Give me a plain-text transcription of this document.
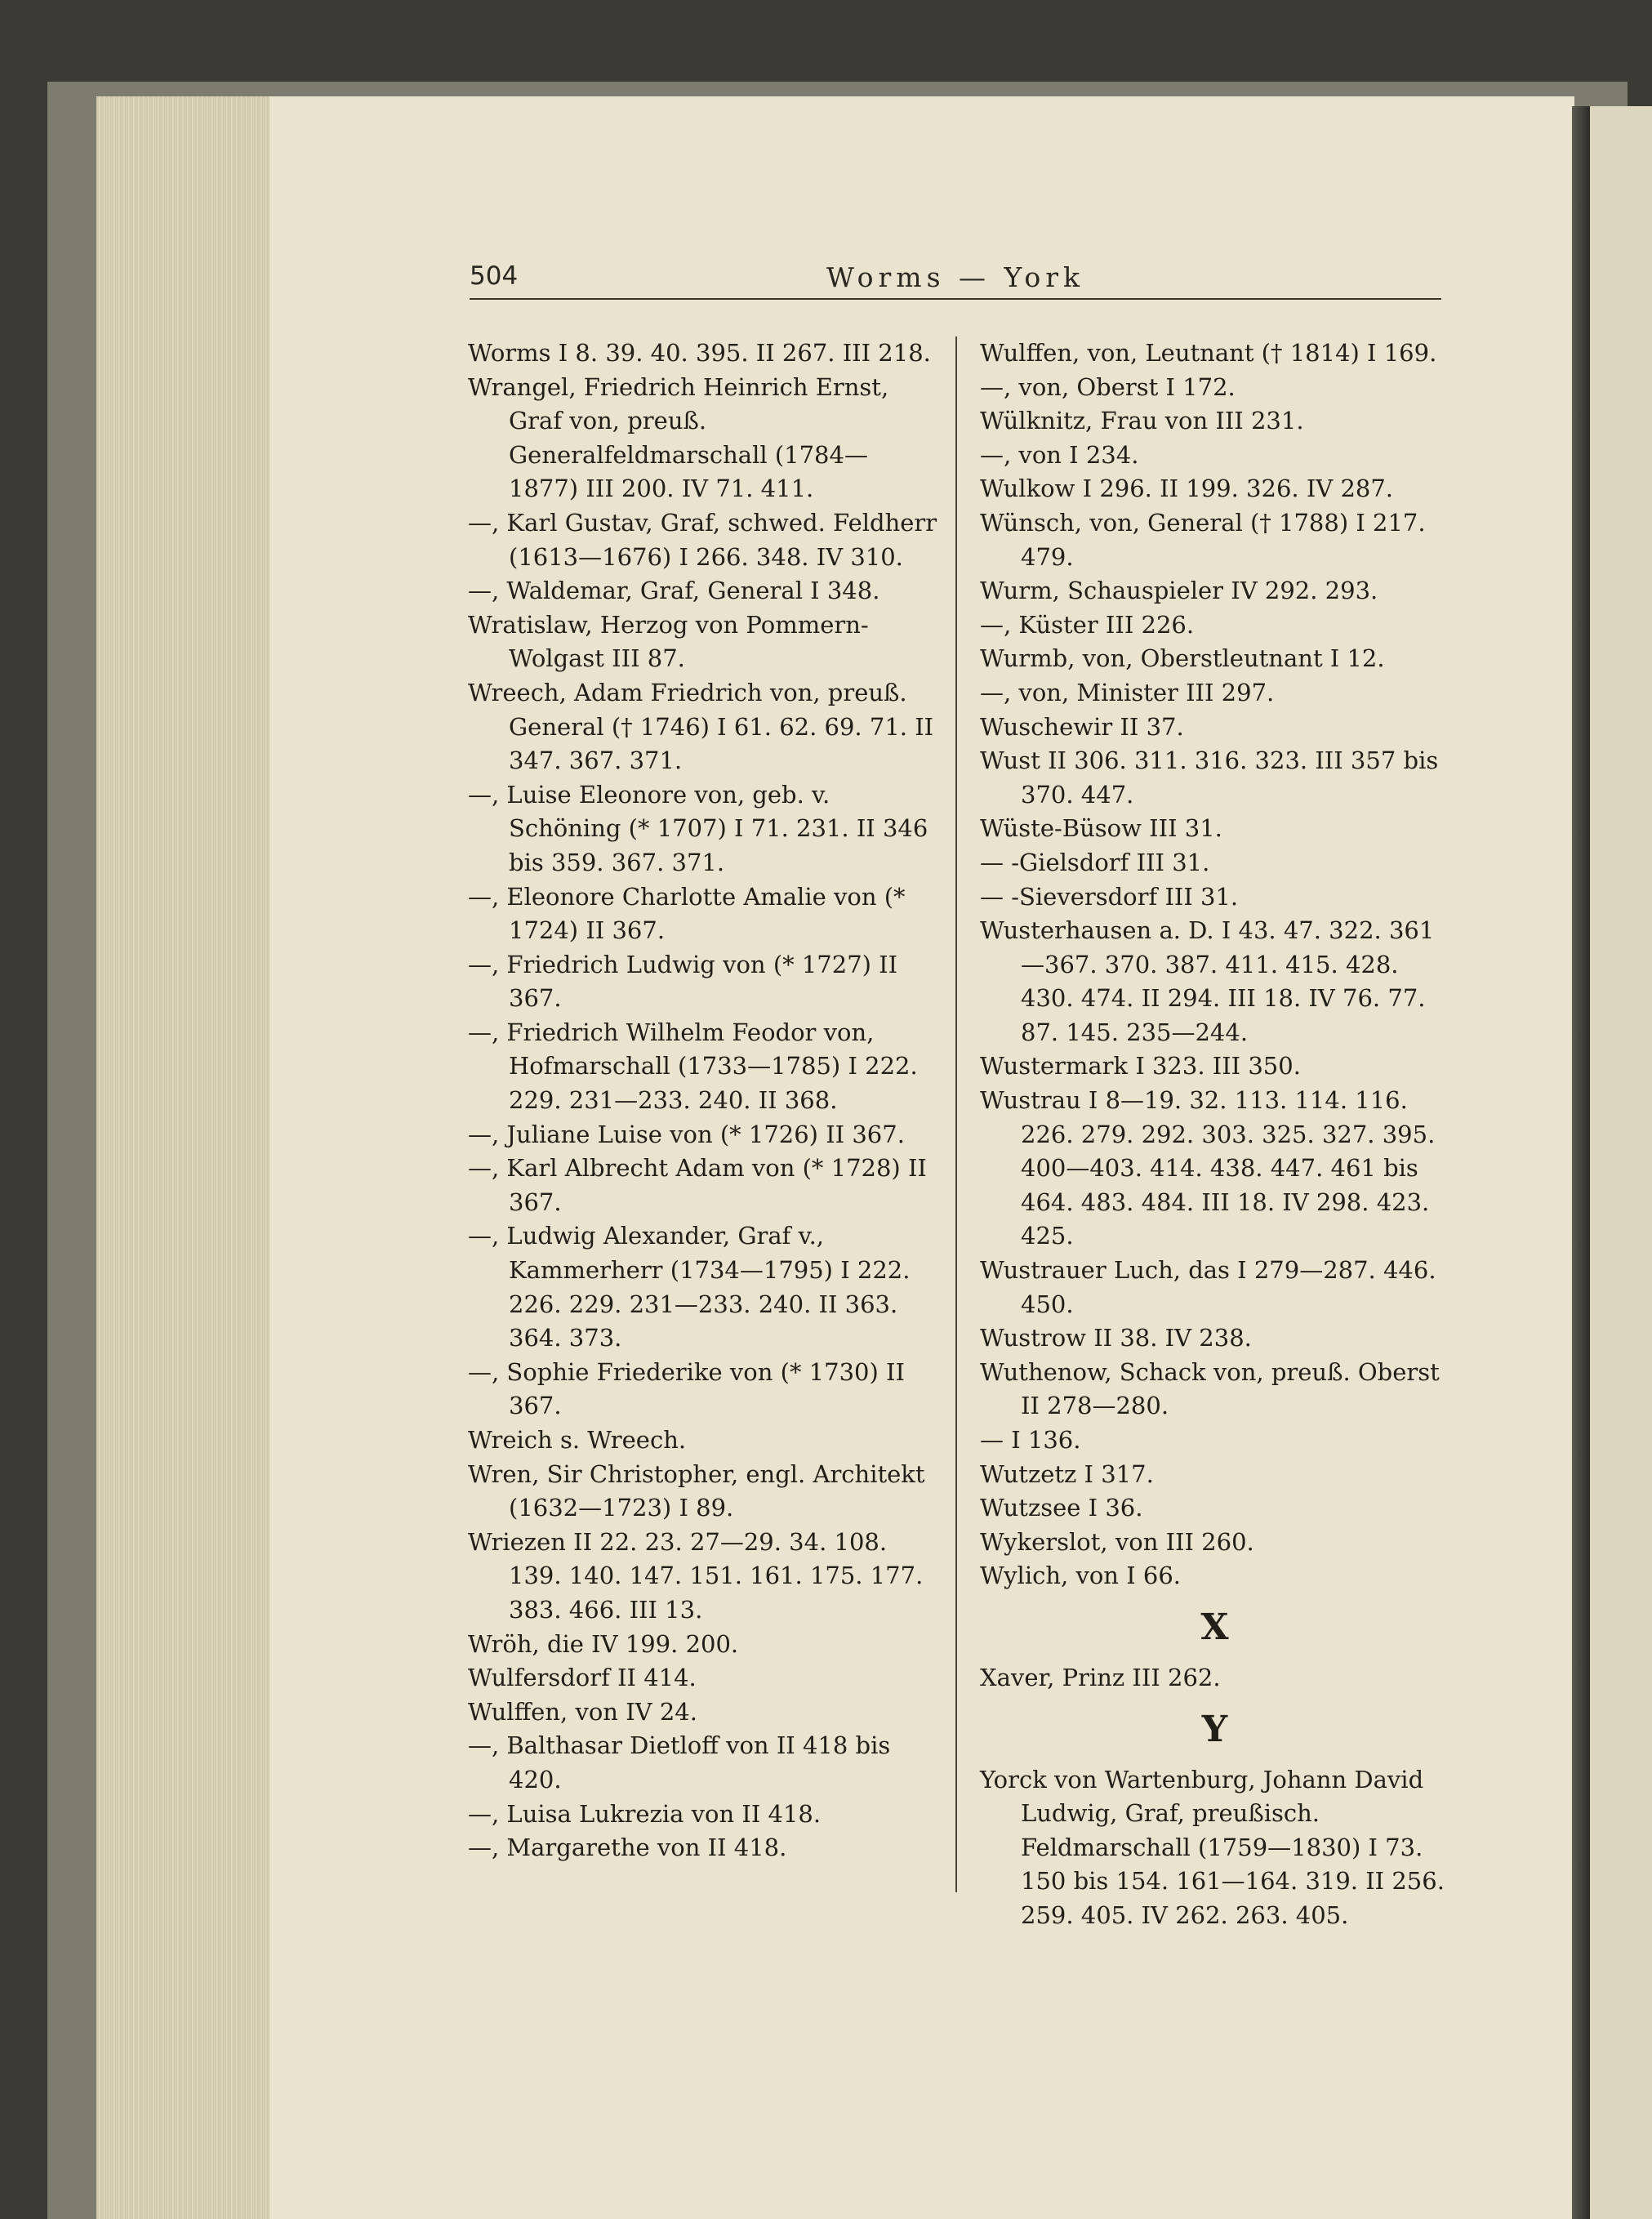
504	Worms — York
Worms I 8. 39. 40. 395. II 267. III 218.
Wrangel, Friedrich Heinrich Ernst, Graf von, preuß. Generalfeldmarschall (1784—1877) III 200. IV 71. 411.
—, Karl Gustav, Graf, schwed. Feldherr (1613—1676) I 266. 348. IV 310.
—, Waldemar, Graf, General I 348.
Wratislaw, Herzog von Pommern-Wolgast III 87.
Wreech, Adam Friedrich von, preuß. General († 1746) I 61. 62. 69. 71. II 347. 367. 371.
—, Luise Eleonore von, geb. v. Schöning (* 1707) I 71. 231. II 346 bis 359. 367. 371.
—, Eleonore Charlotte Amalie von (* 1724) II 367.
—, Friedrich Ludwig von (* 1727) II 367.
—, Friedrich Wilhelm Feodor von, Hofmarschall (1733—1785) I 222. 229. 231—233. 240. II 368.
—, Juliane Luise von (* 1726) II 367.
—, Karl Albrecht Adam von (* 1728) II 367.
—, Ludwig Alexander, Graf v., Kammerherr (1734—1795) I 222. 226. 229. 231—233. 240. II 363. 364. 373.
—, Sophie Friederike von (* 1730) II 367.
Wreich s. Wreech.
Wren, Sir Christopher, engl. Architekt (1632—1723) I 89.
Wriezen II 22. 23. 27—29. 34. 108. 139. 140. 147. 151. 161. 175. 177. 383. 466. III 13.
Wröh, die IV 199. 200.
Wulfersdorf II 414.
Wulffen, von IV 24.
—, Balthasar Dietloff von II 418 bis 420.
—, Luisa Lukrezia von II 418.
—, Margarethe von II 418.
Wulffen, von, Leutnant († 1814) I 169.
—, von, Oberst I 172.
Wülknitz, Frau von III 231.
—, von I 234.
Wulkow I 296. II 199. 326. IV 287.
Wünsch, von, General († 1788) I 217. 479.
Wurm, Schauspieler IV 292. 293.
—, Küster III 226.
Wurmb, von, Oberstleutnant I 12.
—, von, Minister III 297.
Wuschewir II 37.
Wust II 306. 311. 316. 323. III 357 bis 370. 447.
Wüste-Büsow III 31.
— -Gielsdorf III 31.
— -Sieversdorf III 31.
Wusterhausen a. D. I 43. 47. 322. 361—367. 370. 387. 411. 415. 428. 430. 474. II 294. III 18. IV 76. 77. 87. 145. 235—244.
Wustermark I 323. III 350.
Wustrau I 8—19. 32. 113. 114. 116. 226. 279. 292. 303. 325. 327. 395. 400—403. 414. 438. 447. 461 bis 464. 483. 484. III 18. IV 298. 423. 425.
Wustrauer Luch, das I 279—287. 446. 450.
Wustrow II 38. IV 238.
Wuthenow, Schack von, preuß. Oberst II 278—280.
— I 136.
Wutzetz I 317.
Wutzsee I 36.
Wykerslot, von III 260.
Wylich, von I 66.
X
Xaver, Prinz III 262.
Y
Yorck von Wartenburg, Johann David Ludwig, Graf, preußisch. Feldmarschall (1759—1830) I 73. 150 bis 154. 161—164. 319. II 256. 259. 405. IV 262. 263. 405.
